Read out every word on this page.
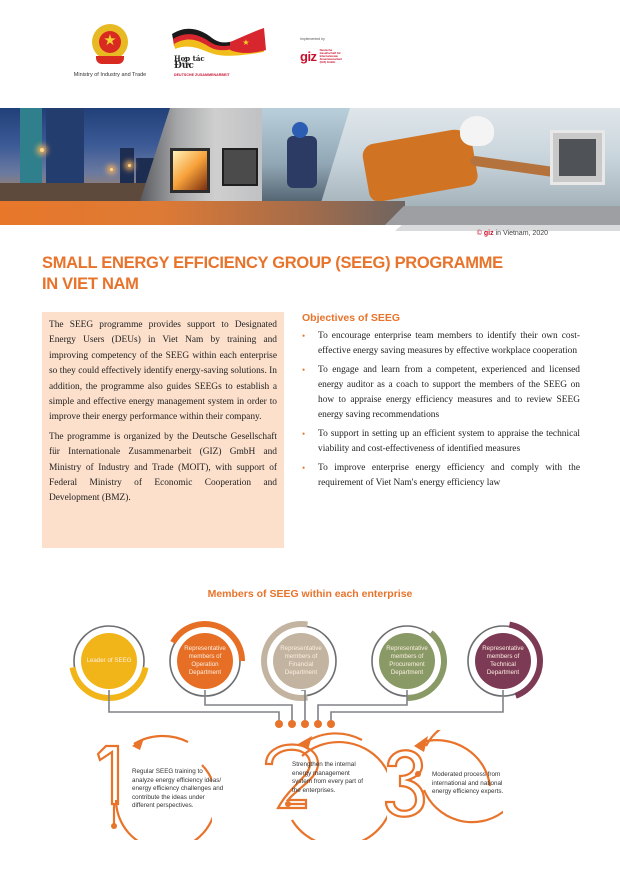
★
Ministry of Industry and Trade
★
Hợp tác
Đức
DEUTSCHE ZUSAMMENARBEIT
Implemented by
giz Deutsche Gesellschaft für Internationale Zusammenarbeit (GIZ) GmbH
© giz in Vietnam, 2020
SMALL ENERGY EFFICIENCY GROUP (SEEG) PROGRAMME
IN VIET NAM

The SEEG programme provides support to Designated Energy Users (DEUs) in Viet Nam by training and improving competency of the SEEG within each enterprise so they could effectively identify energy-saving solutions. In addition, the programme also guides SEEGs to establish a simple and effective energy management system in order to improve their energy performance within their company.

The programme is organized by the Deutsche Gesellschaft für Internationale Zusammenarbeit (GIZ) GmbH and Ministry of Industry and Trade (MOIT), with support of Federal Ministry of Economic Cooperation and Development (BMZ).

Objectives of SEEG
• To encourage enterprise team members to identify their own cost-effective energy saving measures by effective workplace cooperation
• To engage and learn from a competent, experienced and licensed energy auditor as a coach to support the members of the SEEG on how to appraise energy efficiency measures and to review SEEG energy saving recommendations
• To support in setting up an efficient system to appraise the technical viability and cost-effectiveness of identified measures
• To improve enterprise energy efficiency and comply with the requirement of Viet Nam's energy efficiency law
Members of SEEG within each enterprise
Leader of SEEG
Representative members of Operation Department
Representative members of Financial Department
Representative members of Procurement Department
Representative members of Technical Department
Regular SEEG training to analyze energy efficiency ideas/ energy efficiency challenges and contribute the ideas under different perspectives.
Strengthen the internal energy management system from every part of the enterprises.
Moderated process from international and national energy efficiency experts.
